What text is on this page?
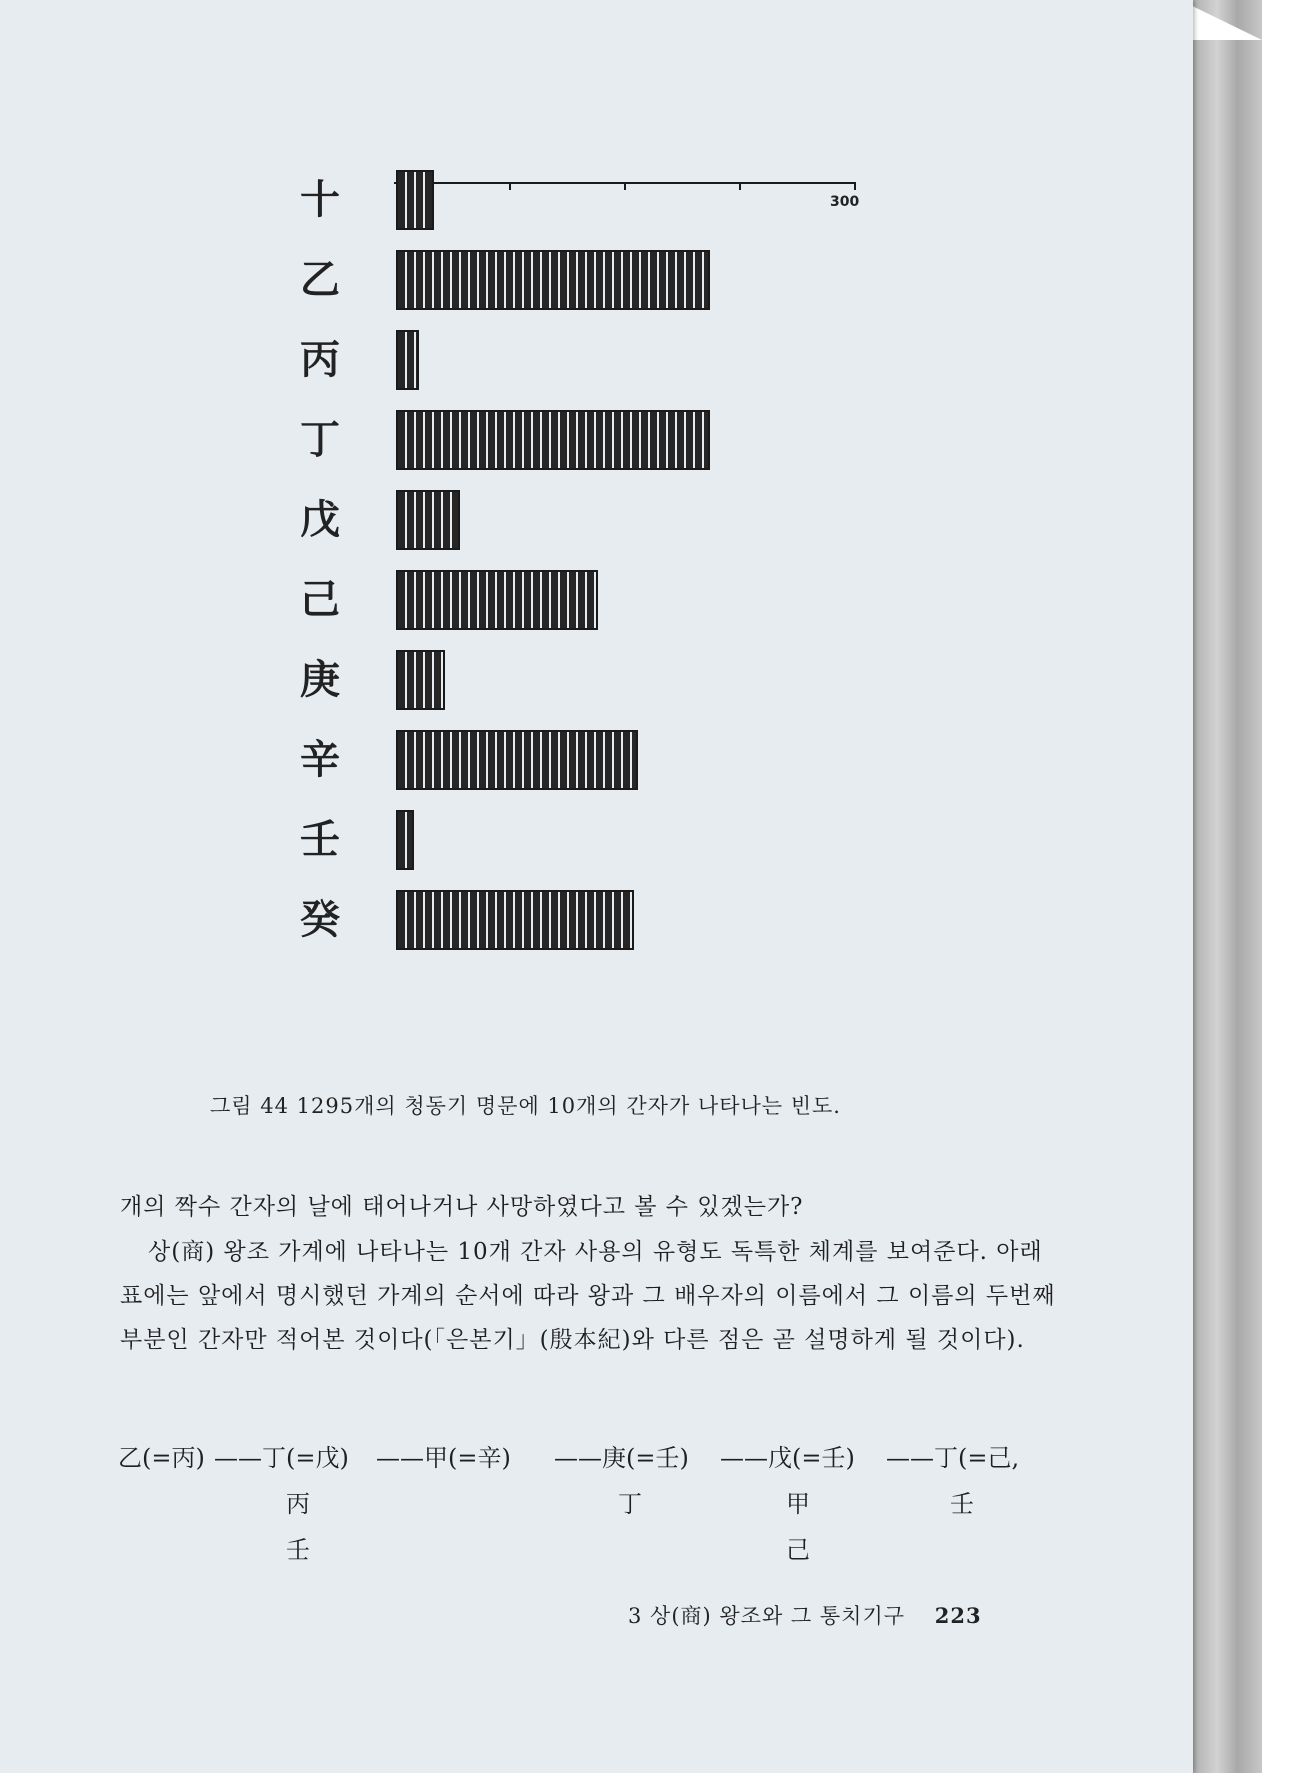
300
十
乙
丙
丁
戊
己
庚
辛
壬
癸
그림 44 1295개의 청동기 명문에 10개의 간자가 나타나는 빈도.
개의 짝수 간자의 날에 태어나거나 사망하였다고 볼 수 있겠는가?
상(商) 왕조 가계에 나타나는 10개 간자 사용의 유형도 독특한 체계를 보여준다. 아래 표에는 앞에서 명시했던 가계의 순서에 따라 왕과 그 배우자의 이름에서 그 이름의 두번째 부분인 간자만 적어본 것이다(「은본기」(殷本紀)와 다른 점은 곧 설명하게 될 것이다).
乙(=丙) ——丁(=戊) ——甲(=辛) ——庚(=壬) ——戊(=壬) ——丁(=己,
丙
壬
丁	甲
己
壬
3 상(商) 왕조와 그 통치기구 223
